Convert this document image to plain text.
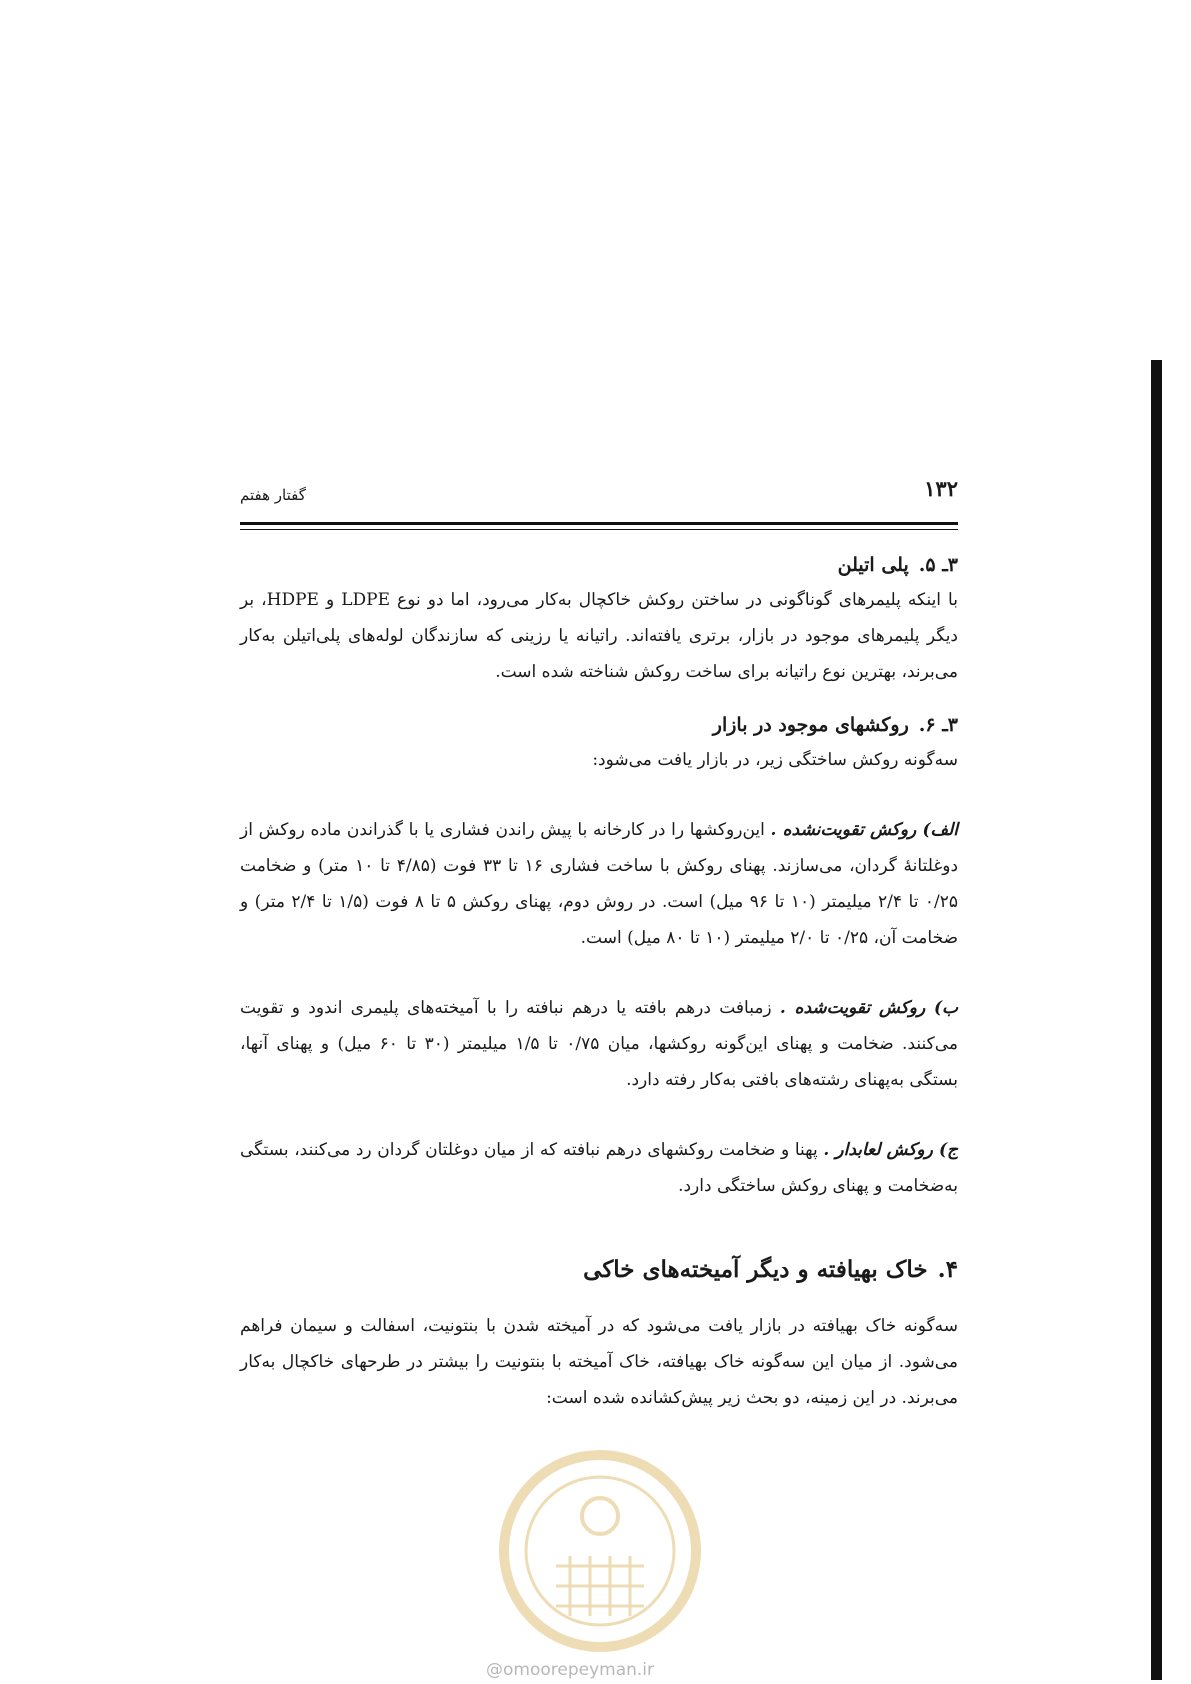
۱۳۲
گفتار هفتم
۳ـ ۵.پلی اتیلن

با اینکه پلیمرهای گوناگونی در ساختن روکش خاکچال به‌کار می‌رود، اما دو نوع LDPE و HDPE، بر دیگر پلیمرهای موجود در بازار، برتری یافته‌اند. راتیانه یا رزینی که سازندگان لوله‌های پلی‌اتیلن به‌کار می‌برند، بهترین نوع راتیانه برای ساخت روکش شناخته شده است.

۳ـ ۶.روکشهای موجود در بازار

سه‌گونه روکش ساختگی زیر، در بازار یافت می‌شود:

الف) روکش تقویت‌نشده . این‌روکشها را در کارخانه با پیش راندن فشاری یا با گذراندن ماده روکش از دوغلتانهٔ گردان، می‌سازند. پهنای روکش با ساخت فشاری ۱۶ تا ۳۳ فوت (۴/۸۵ تا ۱۰ متر) و ضخامت ۰/۲۵ تا ۲/۴ میلیمتر (۱۰ تا ۹۶ میل) است. در روش دوم، پهنای روکش ۵ تا ۸ فوت (۱/۵ تا ۲/۴ متر) و ضخامت آن، ۰/۲۵ تا ۲/۰ میلیمتر (۱۰ تا ۸۰ میل) است.

ب) روکش تقویت‌شده . زمبافت درهم بافته یا درهم نبافته را با آمیخته‌های پلیمری اندود و تقویت می‌کنند. ضخامت و پهنای این‌گونه روکشها، میان ۰/۷۵ تا ۱/۵ میلیمتر (۳۰ تا ۶۰ میل) و پهنای آنها، بستگی به‌پهنای رشته‌های بافتی به‌کار رفته دارد.

ج) روکش لعابدار . پهنا و ضخامت روکشهای درهم نبافته که از میان دوغلتان گردان رد می‌کنند، بستگی به‌ضخامت و پهنای روکش ساختگی دارد.

۴.خاک بهیافته و دیگر آمیخته‌های خاکی

سه‌گونه خاک بهیافته در بازار یافت می‌شود که در آمیخته شدن با بنتونیت، اسفالت و سیمان فراهم می‌شود. از میان این سه‌گونه خاک بهیافته، خاک آمیخته با بنتونیت را بیشتر در طرحهای خاکچال به‌کار می‌برند. در این زمینه، دو بحث زیر پیش‌کشانده شده است:

@omoorepeyman.ir
